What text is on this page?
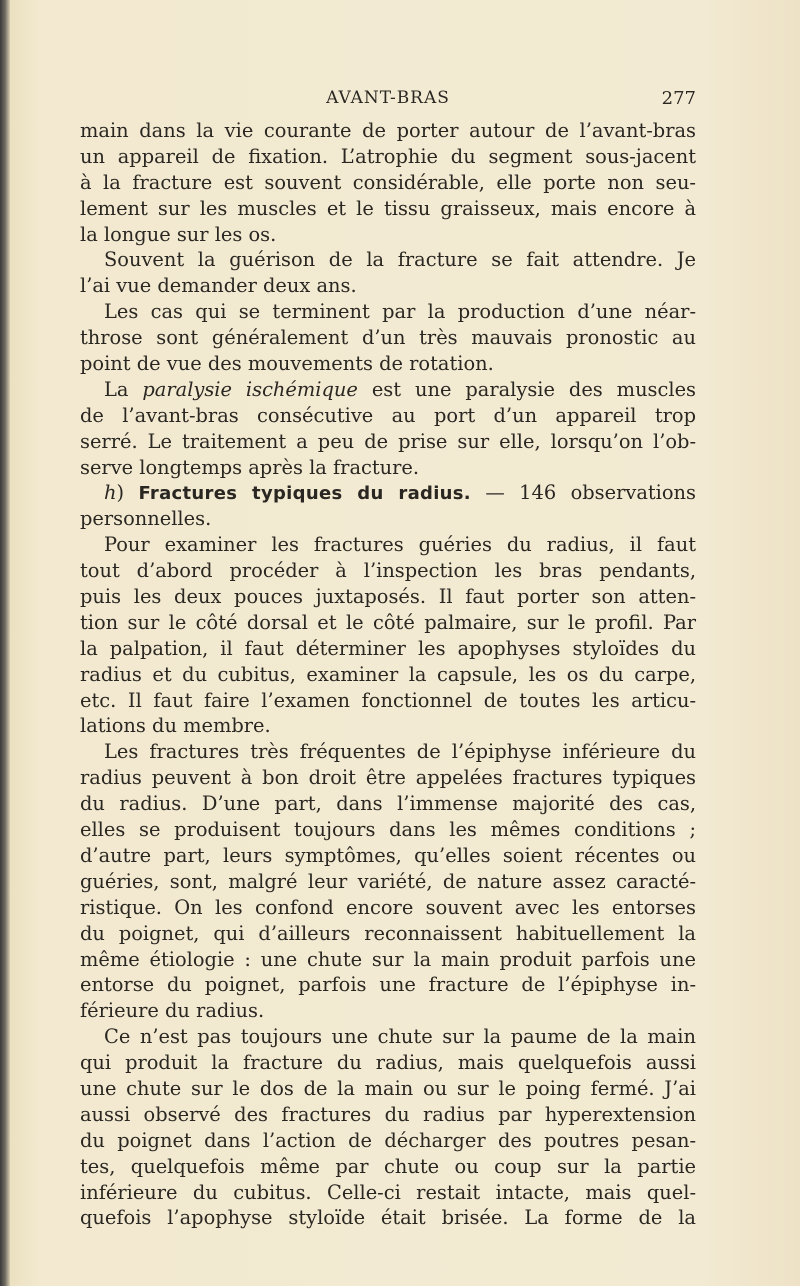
AVANT-BRAS	277
main dans la vie courante de porter autour de l’avant-bras
un appareil de fixation. L’atrophie du segment sous-jacent
à la fracture est souvent considérable, elle porte non seu-
lement sur les muscles et le tissu graisseux, mais encore à
la longue sur les os.
Souvent la guérison de la fracture se fait attendre. Je
l’ai vue demander deux ans.
Les cas qui se terminent par la production d’une néar-
throse sont généralement d’un très mauvais pronostic au
point de vue des mouvements de rotation.
La paralysie ischémique est une paralysie des muscles
de l’avant-bras consécutive au port d’un appareil trop
serré. Le traitement a peu de prise sur elle, lorsqu’on l’ob-
serve longtemps après la fracture.
h) Fractures typiques du radius. — 146 observations
personnelles.
Pour examiner les fractures guéries du radius, il faut
tout d’abord procéder à l’inspection les bras pendants,
puis les deux pouces juxtaposés. Il faut porter son atten-
tion sur le côté dorsal et le côté palmaire, sur le profil. Par
la palpation, il faut déterminer les apophyses styloïdes du
radius et du cubitus, examiner la capsule, les os du carpe,
etc. Il faut faire l’examen fonctionnel de toutes les articu-
lations du membre.
Les fractures très fréquentes de l’épiphyse inférieure du
radius peuvent à bon droit être appelées fractures typiques
du radius. D’une part, dans l’immense majorité des cas,
elles se produisent toujours dans les mêmes conditions ;
d’autre part, leurs symptômes, qu’elles soient récentes ou
guéries, sont, malgré leur variété, de nature assez caracté-
ristique. On les confond encore souvent avec les entorses
du poignet, qui d’ailleurs reconnaissent habituellement la
même étiologie : une chute sur la main produit parfois une
entorse du poignet, parfois une fracture de l’épiphyse in-
férieure du radius.
Ce n’est pas toujours une chute sur la paume de la main
qui produit la fracture du radius, mais quelquefois aussi
une chute sur le dos de la main ou sur le poing fermé. J’ai
aussi observé des fractures du radius par hyperextension
du poignet dans l’action de décharger des poutres pesan-
tes, quelquefois même par chute ou coup sur la partie
inférieure du cubitus. Celle-ci restait intacte, mais quel-
quefois l’apophyse styloïde était brisée. La forme de la
